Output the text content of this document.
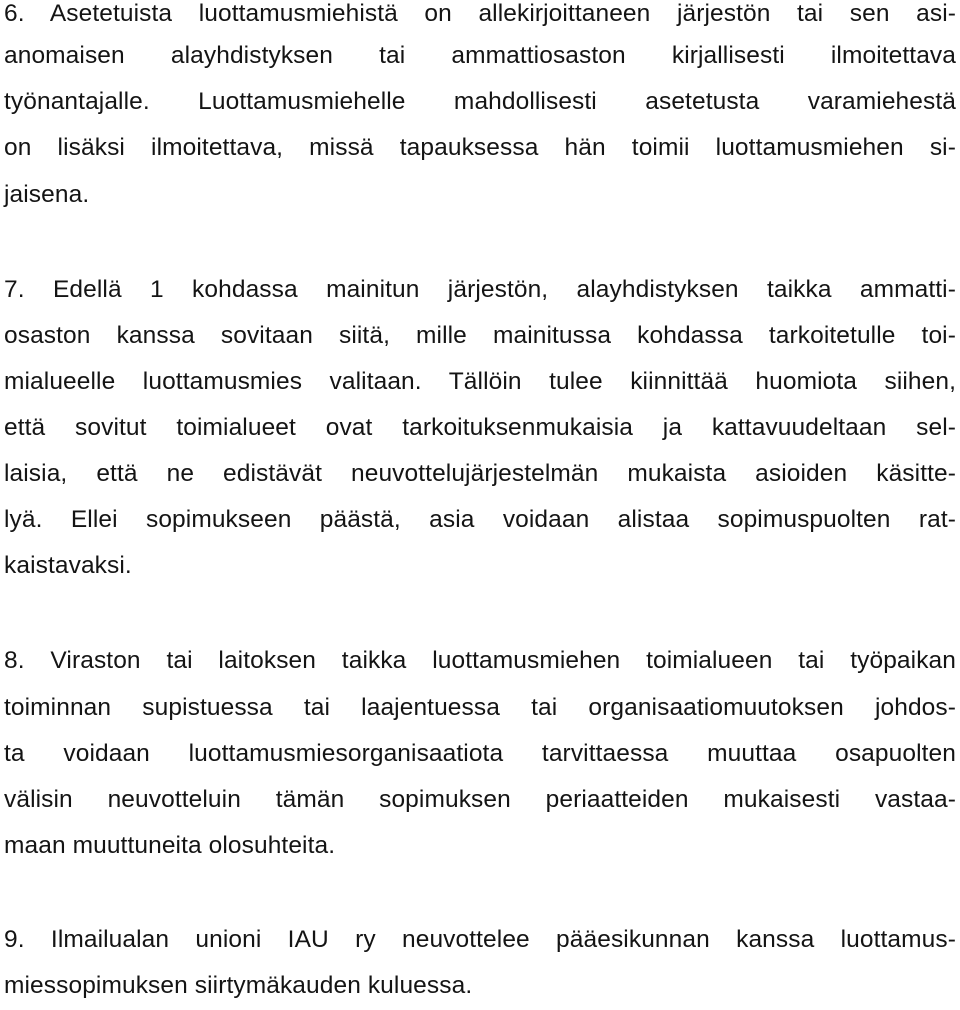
6. Asetetuista luottamusmiehistä on allekirjoittaneen järjestön tai sen asi-
anomaisen alayhdistyksen tai ammattiosaston kirjallisesti ilmoitettava
työnantajalle. Luottamusmiehelle mahdollisesti asetetusta varamiehestä
on lisäksi ilmoitettava, missä tapauksessa hän toimii luottamusmiehen si-
jaisena.
7. Edellä 1 kohdassa mainitun järjestön, alayhdistyksen taikka ammatti-
osaston kanssa sovitaan siitä, mille mainitussa kohdassa tarkoitetulle toi-
mialueelle luottamusmies valitaan. Tällöin tulee kiinnittää huomiota siihen,
että sovitut toimialueet ovat tarkoituksenmukaisia ja kattavuudeltaan sel-
laisia, että ne edistävät neuvottelujärjestelmän mukaista asioiden käsitte-
lyä. Ellei sopimukseen päästä, asia voidaan alistaa sopimuspuolten rat-
kaistavaksi.
8. Viraston tai laitoksen taikka luottamusmiehen toimialueen tai työpaikan
toiminnan supistuessa tai laajentuessa tai organisaatiomuutoksen johdos-
ta voidaan luottamusmiesorganisaatiota tarvittaessa muuttaa osapuolten
välisin neuvotteluin tämän sopimuksen periaatteiden mukaisesti vastaa-
maan muuttuneita olosuhteita.
9. Ilmailualan unioni IAU ry neuvottelee pääesikunnan kanssa luottamus-
miessopimuksen siirtymäkauden kuluessa.
